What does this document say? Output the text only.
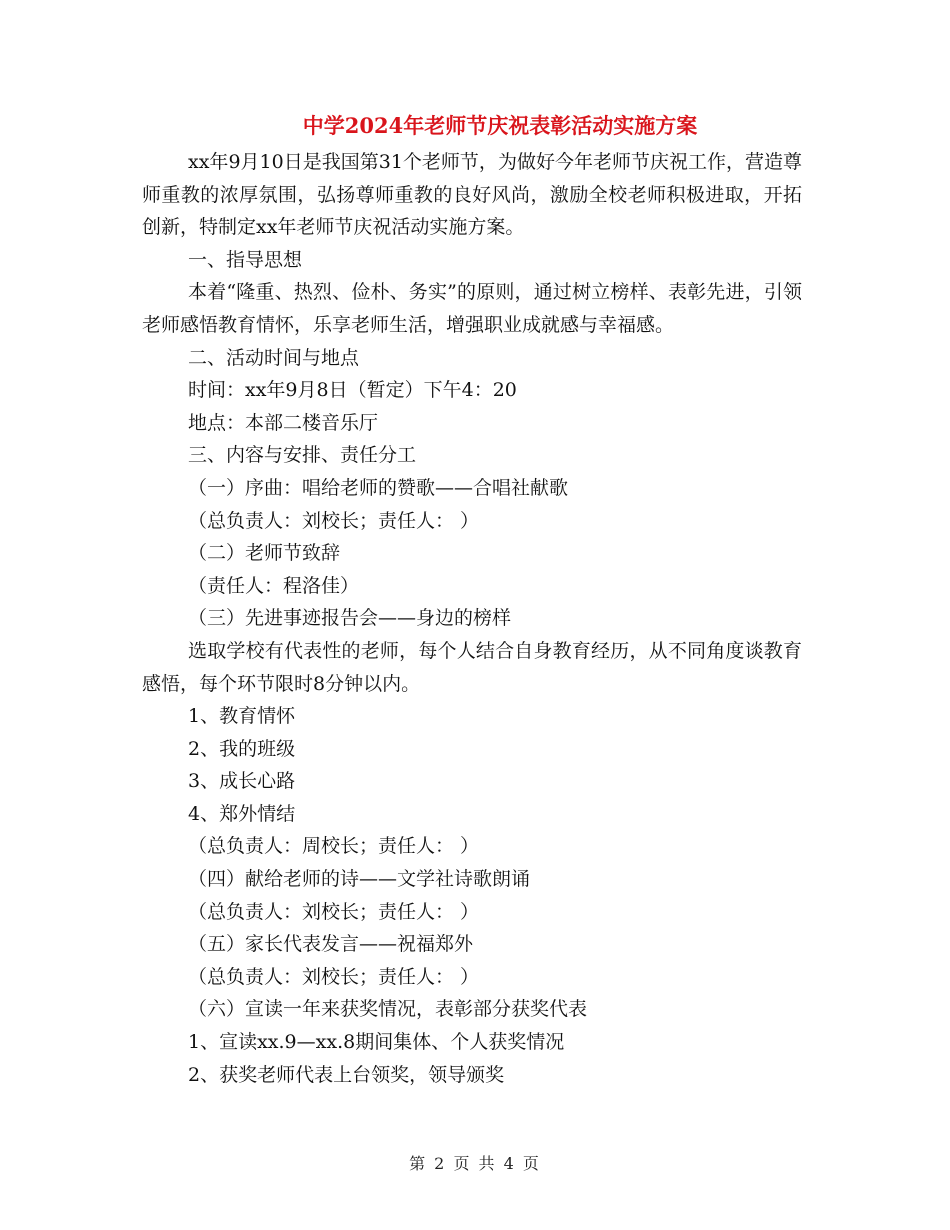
中学2024年老师节庆祝表彰活动实施方案

xx年9月10日是我国第31个老师节，为做好今年老师节庆祝工作，营造尊师重教的浓厚氛围，弘扬尊师重教的良好风尚，激励全校老师积极进取，开拓创新，特制定xx年老师节庆祝活动实施方案。

一、指导思想

本着“隆重、热烈、俭朴、务实”的原则，通过树立榜样、表彰先进，引领老师感悟教育情怀，乐享老师生活，增强职业成就感与幸福感。

二、活动时间与地点

时间：xx年9月8日（暂定）下午4：20

地点：本部二楼音乐厅

三、内容与安排、责任分工

（一）序曲：唱给老师的赞歌——合唱社献歌

（总负责人：刘校长；责任人： ）

（二）老师节致辞

（责任人：程洛佳）

（三）先进事迹报告会——身边的榜样

选取学校有代表性的老师，每个人结合自身教育经历，从不同角度谈教育感悟，每个环节限时8分钟以内。

1、教育情怀

2、我的班级

3、成长心路

4、郑外情结

（总负责人：周校长；责任人： ）

（四）献给老师的诗——文学社诗歌朗诵

（总负责人：刘校长；责任人： ）

（五）家长代表发言——祝福郑外

（总负责人：刘校长；责任人： ）

（六）宣读一年来获奖情况，表彰部分获奖代表

1、宣读xx.9—xx.8期间集体、个人获奖情况

2、获奖老师代表上台领奖，领导颁奖

第 2 页 共 4 页
